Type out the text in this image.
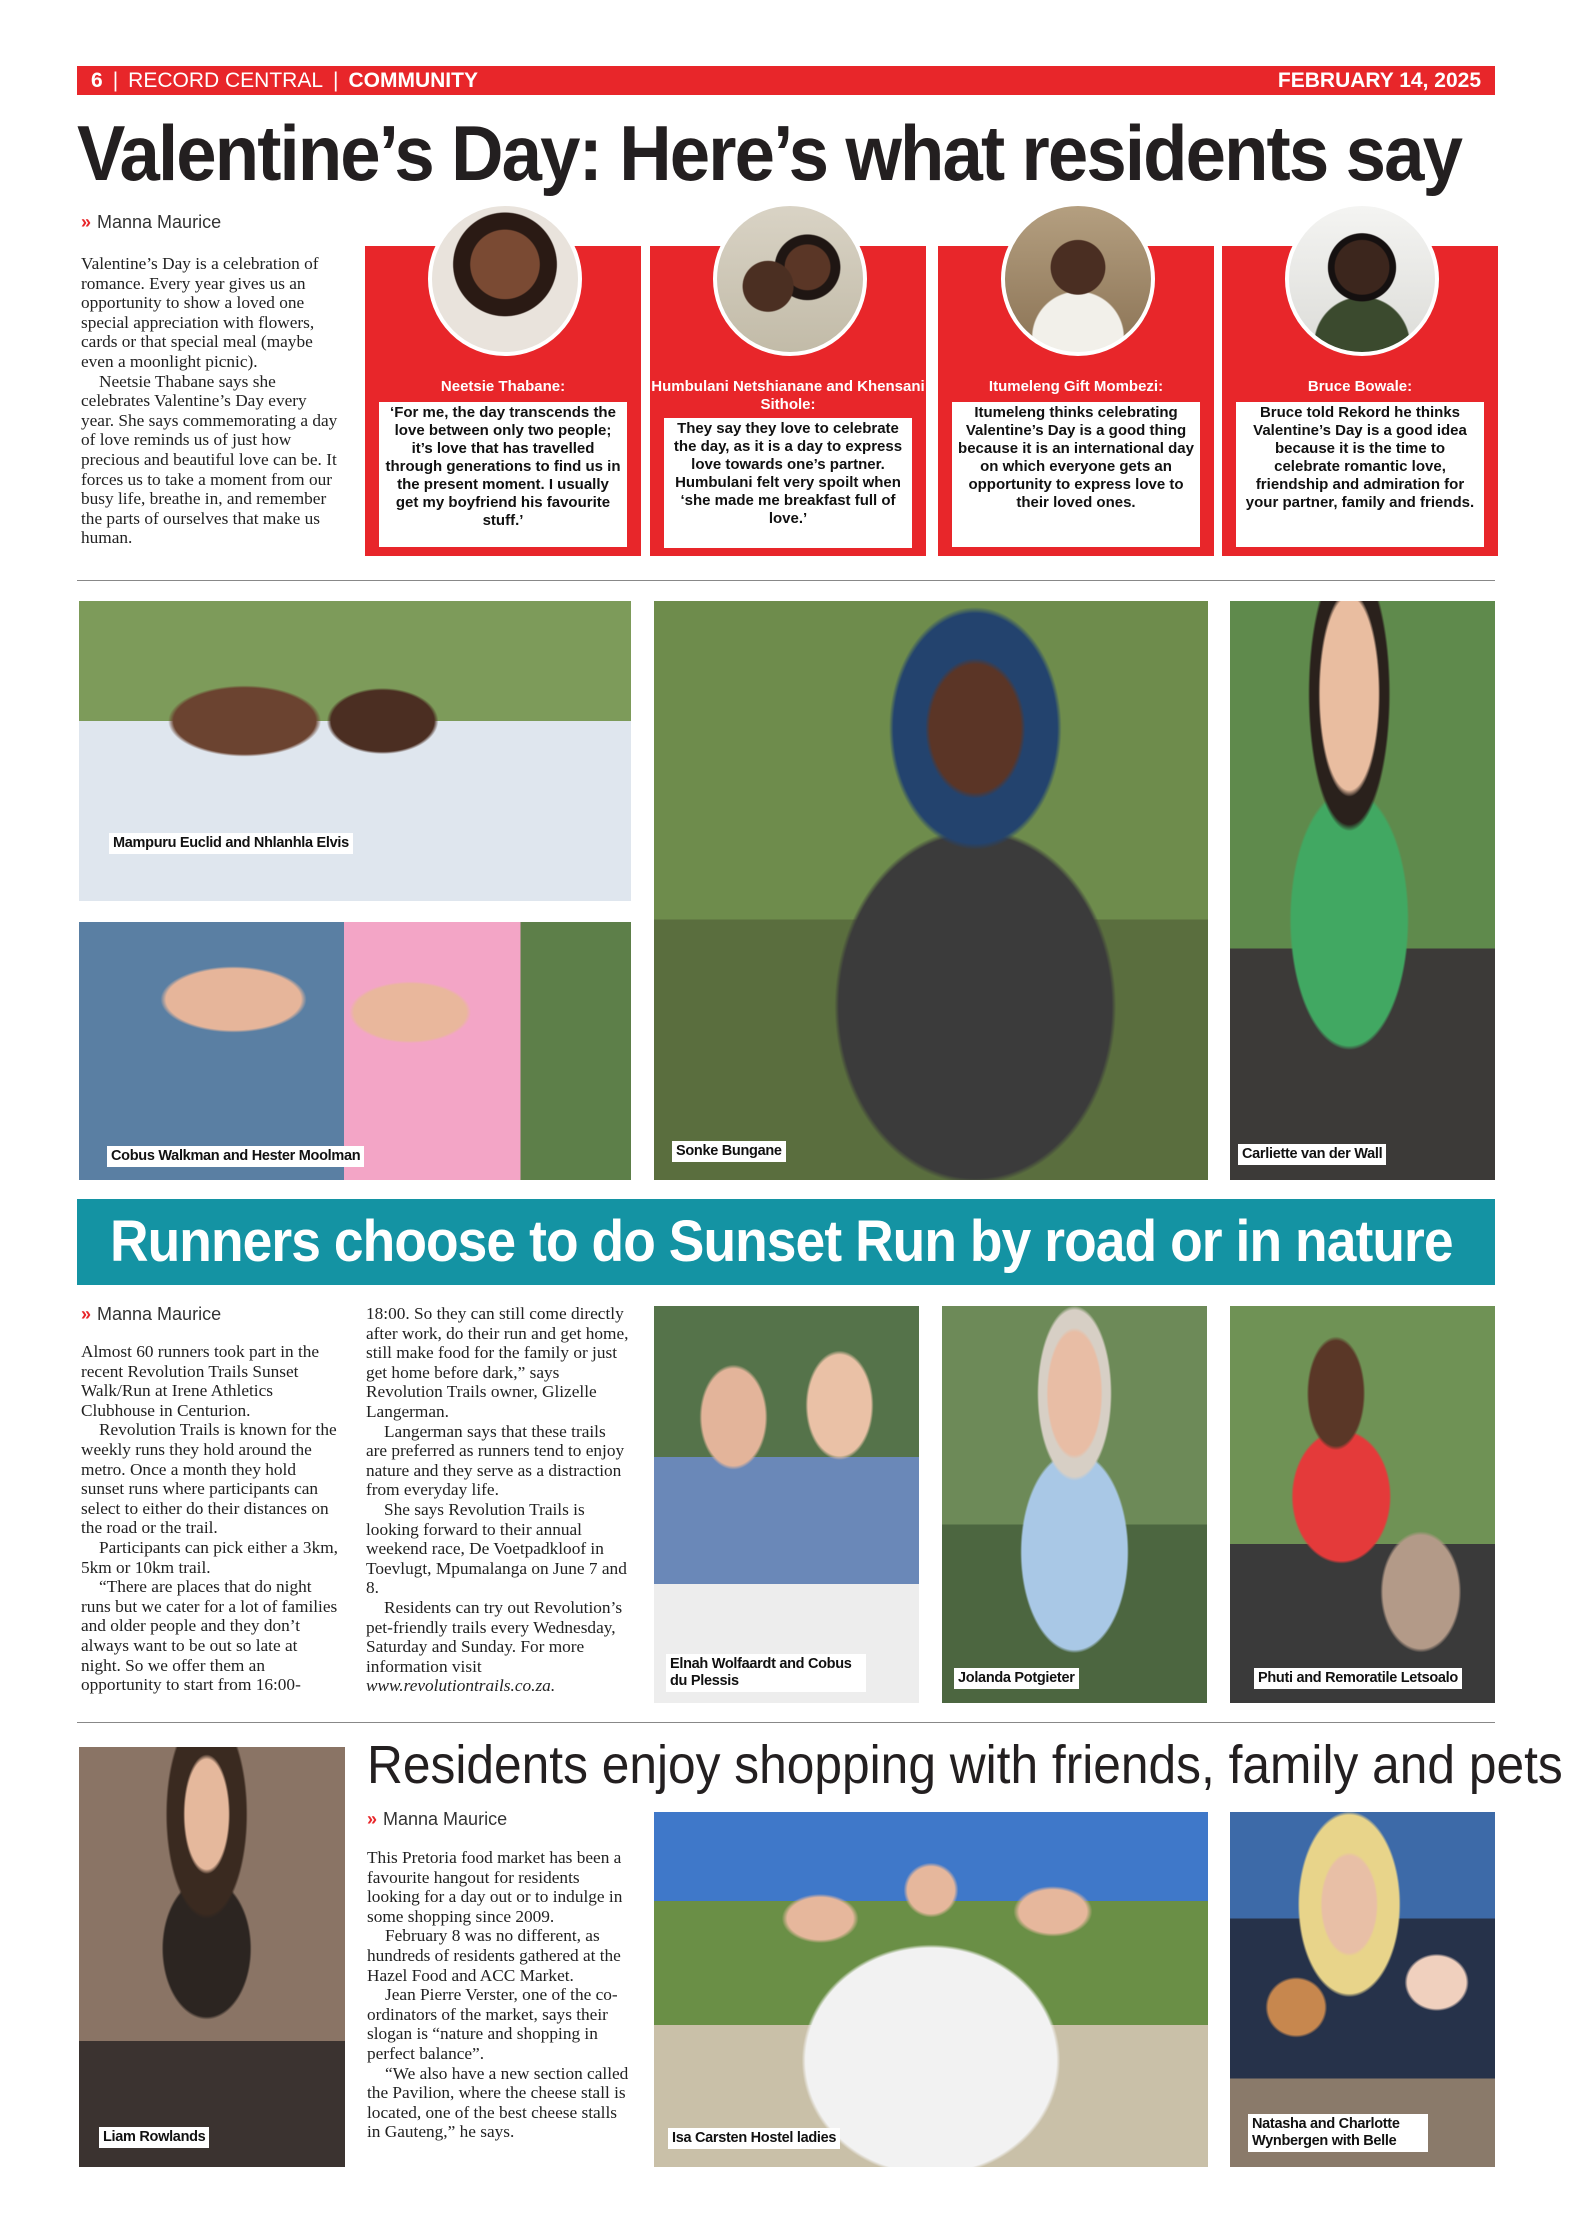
6 | RECORD CENTRAL | COMMUNITY	FEBRUARY 14, 2025
Valentine’s Day: Here’s what residents say
» Manna Maurice

Valentine’s Day is a celebration of romance. Every year gives us an opportunity to show a loved one special appreciation with flowers, cards or that special meal (maybe even a moonlight picnic).

Neetsie Thabane says she celebrates Valentine’s Day every year. She says commemorating a day of love reminds us of just how precious and beautiful love can be. It forces us to take a moment from our busy life, breathe in, and remember the parts of ourselves that make us human.

Neetsie Thabane:
‘For me, the day transcends the love between only two people; it’s love that has travelled through generations to find us in the present moment. I usually get my boyfriend his favourite stuff.’
Humbulani Netshianane and Khensani Sithole:
They say they love to celebrate the day, as it is a day to express love towards one’s partner. Humbulani felt very spoilt when ‘she made me breakfast full of love.’
Itumeleng Gift Mombezi:
Itumeleng thinks celebrating Valentine’s Day is a good thing because it is an international day on which everyone gets an opportunity to express love to their loved ones.
Bruce Bowale:
Bruce told Rekord he thinks Valentine’s Day is a good idea because it is the time to celebrate romantic love, friendship and admiration for your partner, family and friends.
Mampuru Euclid and Nhlanhla Elvis
Cobus Walkman and Hester Moolman	Sonke Bungane	Carliette van der Wall
Runners choose to do Sunset Run by road or in nature
» Manna Maurice

Almost 60 runners took part in the recent Revolution Trails Sunset Walk/Run at Irene Athletics Clubhouse in Centurion.

Revolution Trails is known for the weekly runs they hold around the metro. Once a month they hold sunset runs where participants can select to either do their distances on the road or the trail.

Participants can pick either a 3km, 5km or 10km trail.

“There are places that do night runs but we cater for a lot of families and older people and they don’t always want to be out so late at night. So we offer them an opportunity to start from 16:00-

18:00. So they can still come directly after work, do their run and get home, still make food for the family or just get home before dark,” says Revolution Trails owner, Glizelle Langerman.

Langerman says that these trails are preferred as runners tend to enjoy nature and they serve as a distraction from everyday life.

She says Revolution Trails is looking forward to their annual weekend race, De Voetpadkloof in Toevlugt, Mpumalanga on June 7 and 8.

Residents can try out Revolution’s pet-friendly trails every Wednesday, Saturday and Sunday. For more information visit www.revolutiontrails.co.za.

Elnah Wolfaardt and Cobus du Plessis	Jolanda Potgieter	Phuti and Remoratile Letsoalo
Liam Rowlands
Residents enjoy shopping with friends, family and pets
» Manna Maurice

This Pretoria food market has been a favourite hangout for residents looking for a day out or to indulge in some shopping since 2009.

February 8 was no different, as hundreds of residents gathered at the Hazel Food and ACC Market.

Jean Pierre Verster, one of the co-ordinators of the market, says their slogan is “nature and shopping in perfect balance”.

“We also have a new section called the Pavilion, where the cheese stall is located, one of the best cheese stalls in Gauteng,” he says.	Isa Carsten Hostel ladies
Natasha and Charlotte Wynbergen with Belle
